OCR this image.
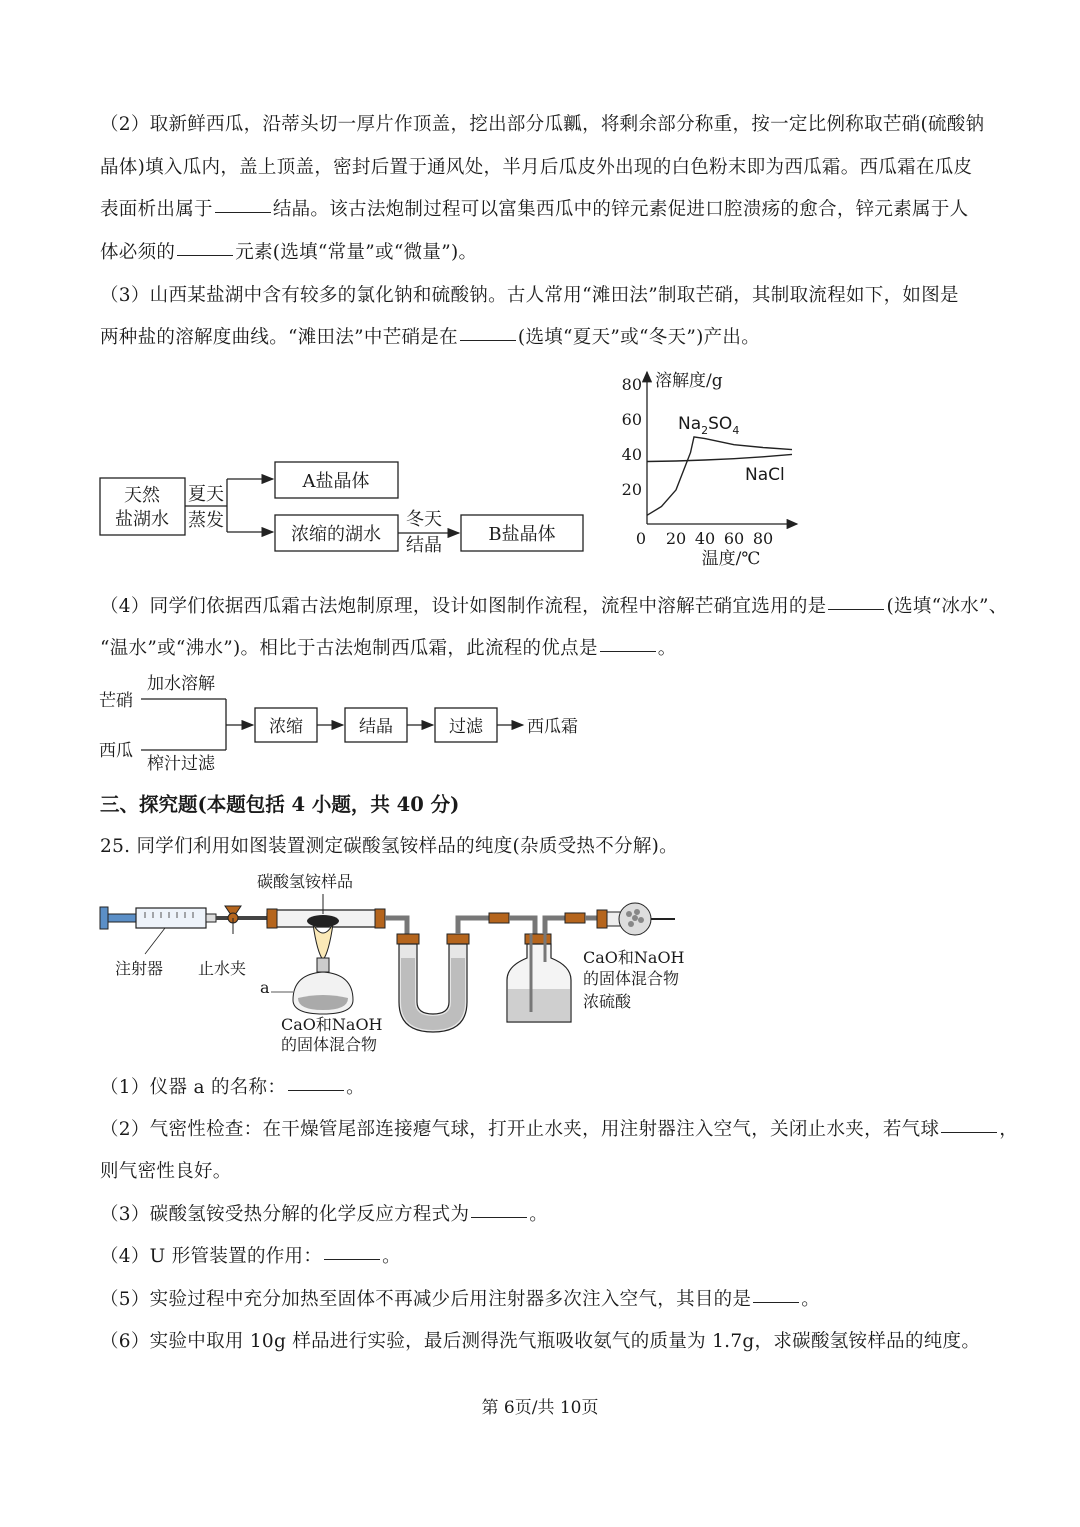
（2）取新鲜西瓜，沿蒂头切一厚片作顶盖，挖出部分瓜瓤，将剩余部分称重，按一定比例称取芒硝(硫酸钠
晶体)填入瓜内，盖上顶盖，密封后置于通风处，半月后瓜皮外出现的白色粉末即为西瓜霜。西瓜霜在瓜皮
表面析出属于	结晶。该古法炮制过程可以富集西瓜中的锌元素促进口腔溃疡的愈合，锌元素属于人
体必须的	元素(选填“常量”或“微量”)。
（3）山西某盐湖中含有较多的氯化钠和硫酸钠。古人常用“滩田法”制取芒硝，其制取流程如下，如图是
两种盐的溶解度曲线。“滩田法”中芒硝是在	(选填“夏天”或“冬天”)产出。
天然
盐湖水
夏天
蒸发
A盐晶体
浓缩的湖水
冬天
结晶
B盐晶体
20
40
60
80
0 20 40 60 80
溶解度/g
温度/℃
$Na_2SO_4$
NaCl
（4）同学们依据西瓜霜古法炮制原理，设计如图制作流程，流程中溶解芒硝宜选用的是	(选填“冰水”、
“温水”或“沸水”)。相比于古法炮制西瓜霜，此流程的优点是	。
芒硝
加水溶解
西瓜
榨汁过滤
浓缩	结晶	过滤	西瓜霜
三、探究题(本题包括 4 小题，共 40 分)
25. 同学们利用如图装置测定碳酸氢铵样品的纯度(杂质受热不分解)。
碳酸氢铵样品
a
注射器 止水夹
CaO和NaOH
的固体混合物
CaO和NaOH
的固体混合物
浓硫酸
（1）仪器 a 的名称：	。
（2）气密性检查：在干燥管尾部连接瘪气球，打开止水夹，用注射器注入空气，关闭止水夹，若气球	，
则气密性良好。
（3）碳酸氢铵受热分解的化学反应方程式为	。
（4）U 形管装置的作用：	。
（5）实验过程中充分加热至固体不再减少后用注射器多次注入空气，其目的是	。
（6）实验中取用 10g 样品进行实验，最后测得洗气瓶吸收氨气的质量为 1.7g，求碳酸氢铵样品的纯度。
第 6页/共 10页
